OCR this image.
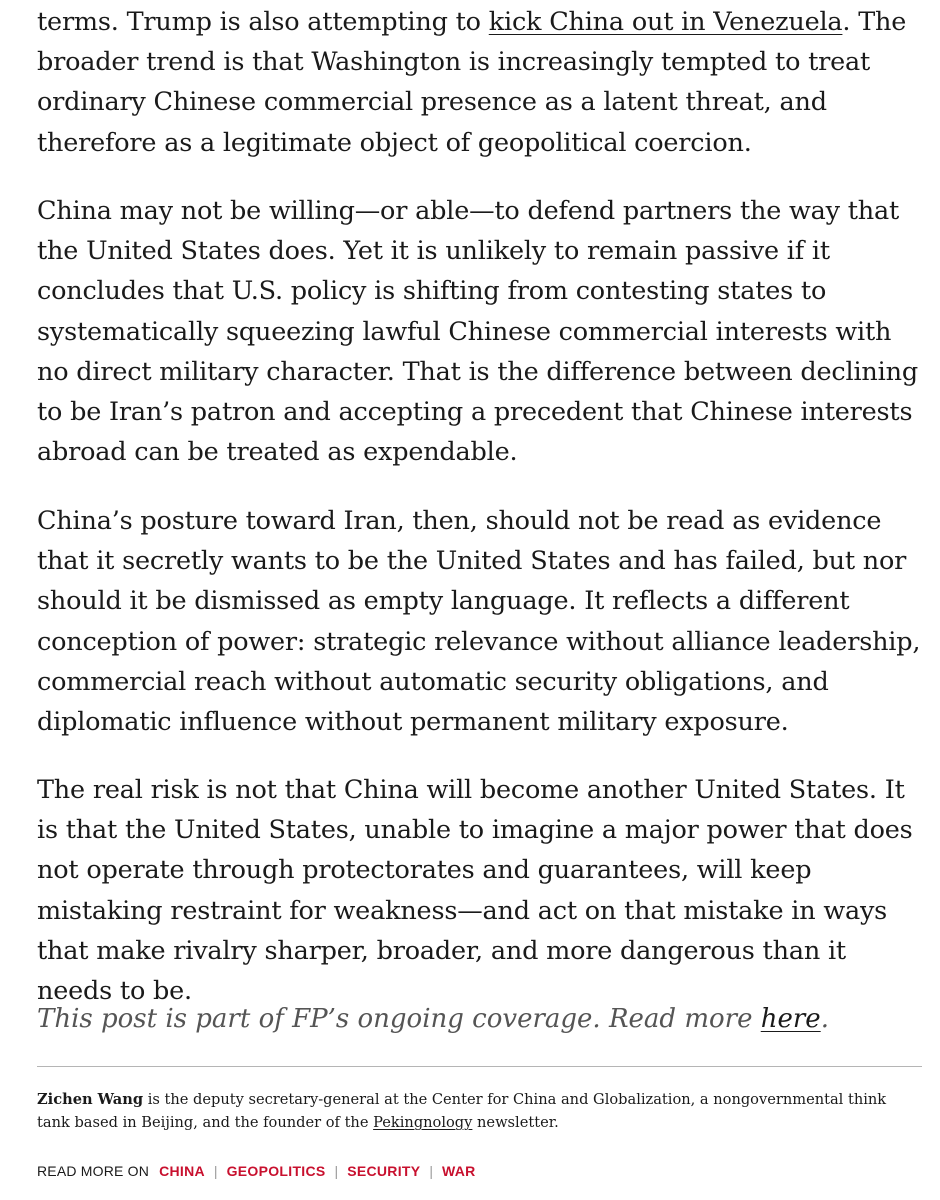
terms. Trump is also attempting to kick China out in Venezuela. The broader trend is that Washington is increasingly tempted to treat ordinary Chinese commercial presence as a latent threat, and therefore as a legitimate object of geopolitical coercion.

China may not be willing—or able—to defend partners the way that the United States does. Yet it is unlikely to remain passive if it concludes that U.S. policy is shifting from contesting states to systematically squeezing lawful Chinese commercial interests with no direct military character. That is the difference between declining to be Iran’s patron and accepting a precedent that Chinese interests abroad can be treated as expendable.

China’s posture toward Iran, then, should not be read as evidence that it secretly wants to be the United States and has failed, but nor should it be dismissed as empty language. It reflects a different conception of power: strategic relevance without alliance leadership, commercial reach without automatic security obligations, and diplomatic influence without permanent military exposure.

The real risk is not that China will become another United States. It is that the United States, unable to imagine a major power that does not operate through protectorates and guarantees, will keep mistaking restraint for weakness—and act on that mistake in ways that make rivalry sharper, broader, and more dangerous than it needs to be.

This post is part of FP’s ongoing coverage. Read more here.

Zichen Wang is the deputy secretary-general at the Center for China and Globalization, a nongovernmental think tank based in Beijing, and the founder of the Pekingnology newsletter.

READ MORE ON CHINA | GEOPOLITICS | SECURITY | WAR
